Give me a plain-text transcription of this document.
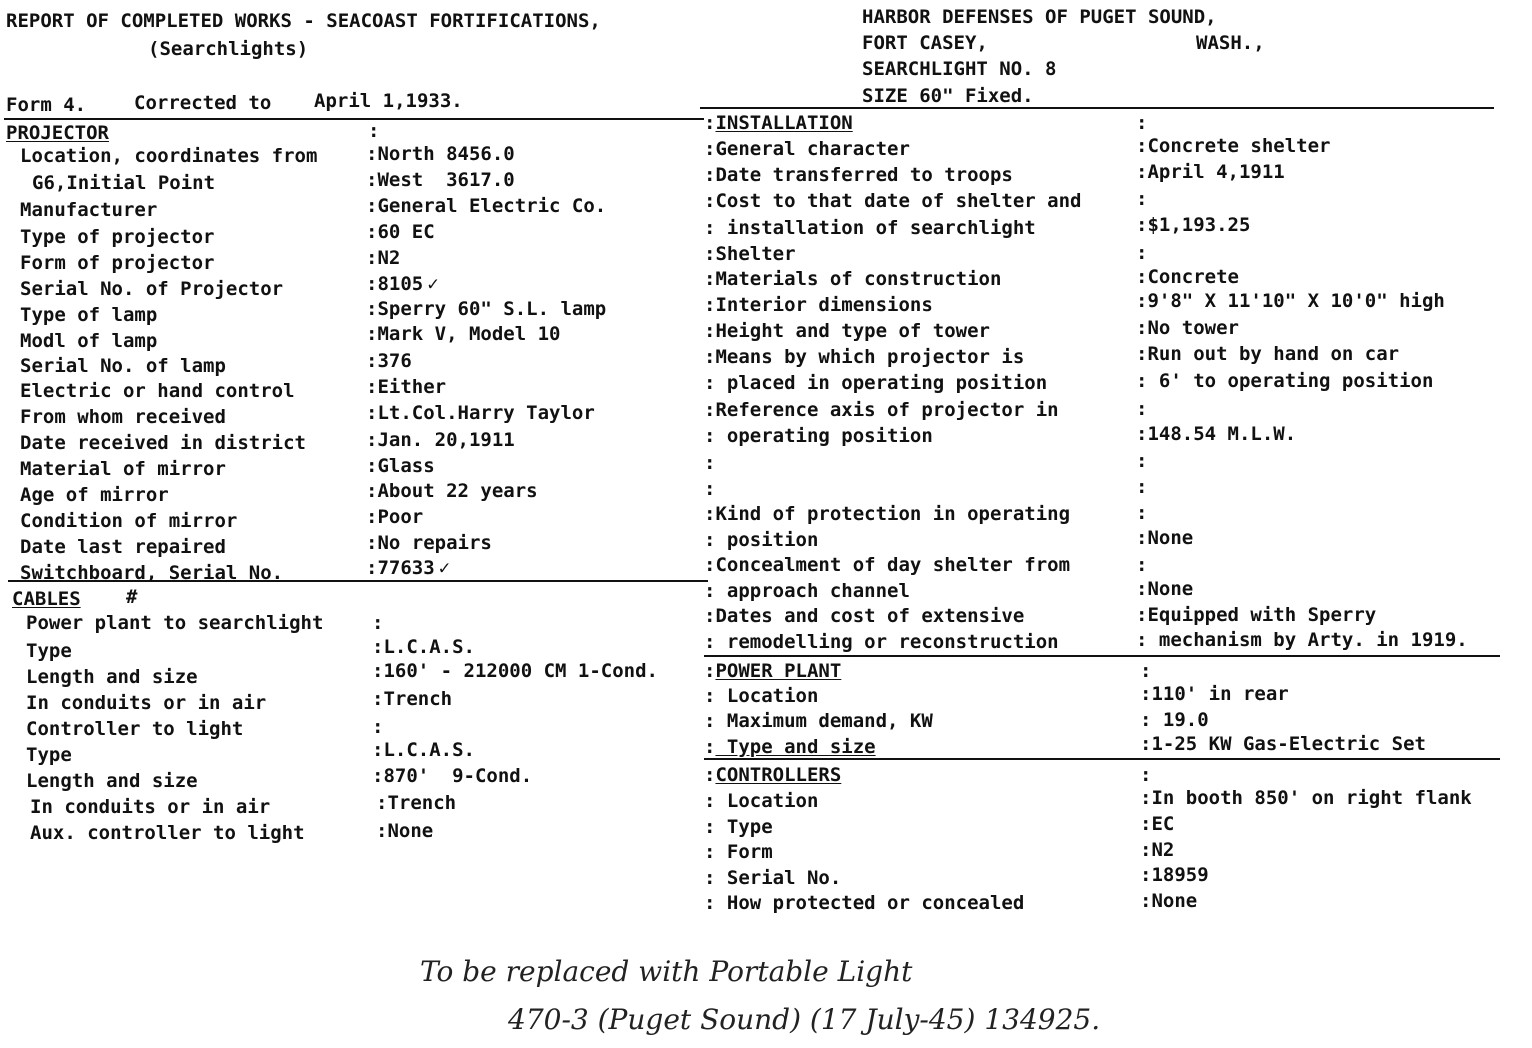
REPORT OF COMPLETED WORKS - SEACOAST FORTIFICATIONS,
(Searchlights)
Form 4.	Corrected to April 1,1933.
HARBOR DEFENSES OF PUGET SOUND,
FORT CASEY,	WASH.,
SEARCHLIGHT NO. 8
SIZE 60" Fixed.
PROJECTOR	:
Location, coordinates from	:North 8456.0
G6,Initial Point	:West  3617.0
Manufacturer	:General Electric Co.
Type of projector	:60 EC
Form of projector	:N2
Serial No. of Projector	:8105 ✓
Type of lamp	:Sperry 60" S.L. lamp
Modl of lamp	:Mark V, Model 10
Serial No. of lamp	:376
Electric or hand control	:Either
From whom received	:Lt.Col.Harry Taylor
Date received in district	:Jan. 20,1911
Material of mirror	:Glass
Age of mirror	:About 22 years
Condition of mirror	:Poor
Date last repaired	:No repairs
Switchboard, Serial No.	:77633 ✓
CABLES #
Power plant to searchlight	:
Type	:L.C.A.S.
Length and size	:160' - 212000 CM 1-Cond.
In conduits or in air	:Trench
Controller to light	:
Type	:L.C.A.S.
Length and size	:870'  9-Cond.
In conduits or in air	:Trench
Aux. controller to light	:None
:INSTALLATION	:
:General character	:Concrete shelter
:Date transferred to troops	:April 4,1911
:Cost to that date of shelter and	:
: installation of searchlight	:$1,193.25
:Shelter	:
:Materials of construction	:Concrete
:Interior dimensions	:9'8" X 11'10" X 10'0" high
:Height and type of tower	:No tower
:Means by which projector is	:Run out by hand on car
: placed in operating position	: 6' to operating position
:Reference axis of projector in	:
: operating position	:148.54 M.L.W.
:	:
:	:
:Kind of protection in operating	:
: position	:None
:Concealment of day shelter from	:
: approach channel	:None
:Dates and cost of extensive	:Equipped with Sperry
: remodelling or reconstruction	: mechanism by Arty. in 1919.
:POWER PLANT	:
: Location	:110' in rear
: Maximum demand, KW	: 19.0
: Type and size	:1-25 KW Gas-Electric Set
:CONTROLLERS	:
: Location	:In booth 850' on right flank
: Type	:EC
: Form	:N2
: Serial No.	:18959
: How protected or concealed	:None
To be replaced with Portable Light
470-3 (Puget Sound) (17 July-45) 134925.
